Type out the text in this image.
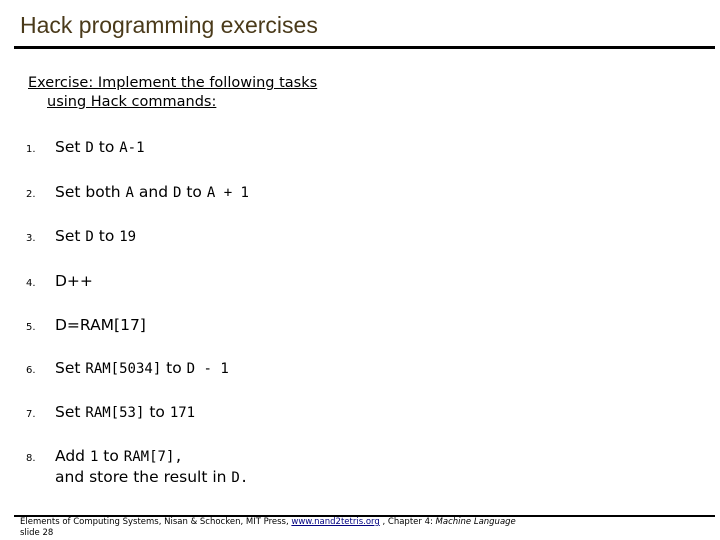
Hack programming exercises
Exercise: Implement the following tasks
using Hack commands:
1.	Set D to A-1
2.	Set both A and D to A + 1
3.	Set D to 19
4.	D++
5.	D=RAM[17]
6.	Set RAM[5034] to D - 1
7.	Set RAM[53] to 171
8.	Add 1 to RAM[7],
and store the result in D.
Elements of Computing Systems, Nisan & Schocken, MIT Press, www.nand2tetris.org , Chapter 4: Machine Language
slide 28
